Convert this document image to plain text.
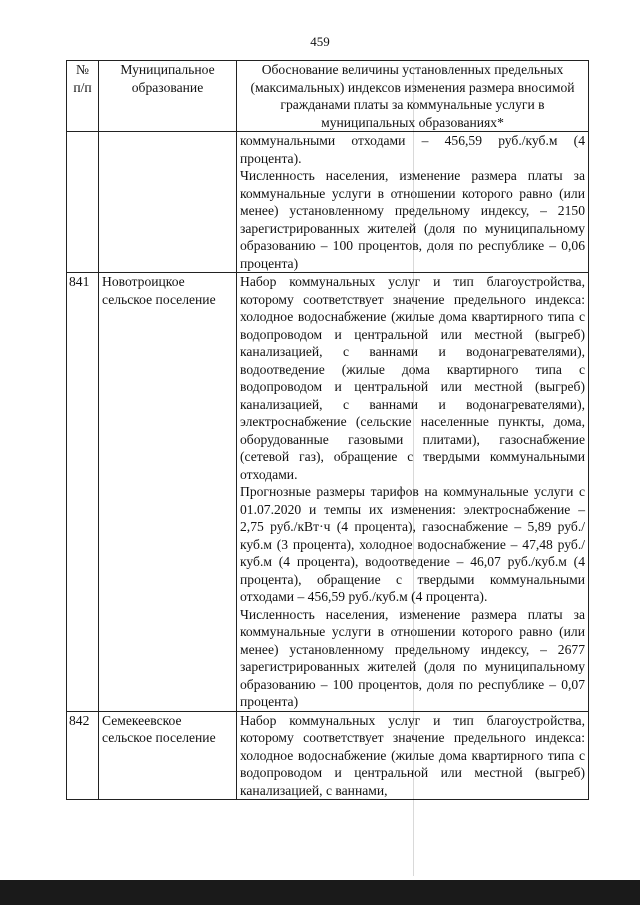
459
№ п/п	Муниципальное образование	Обоснование величины установленных предельных (максимальных) индексов изменения размера вносимой гражданами платы за коммунальные услуги в муниципальных образованиях*

		коммунальными отходами – 456,59 руб./куб.м (4 процента).

Численность населения, изменение размера платы за коммунальные услуги в отношении которого равно (или менее) установленному предельному индексу, – 2150 зарегистрированных жителей (доля по муниципальному образованию – 100 процентов, доля по республике – 0,06 процента)

841	Новотроицкое сельское поселение	Набор коммунальных услуг и тип благоустройства, которому соответствует значение предельного индекса: холодное водоснабжение (жилые дома квартирного типа с водопроводом и центральной или местной (выгреб) канализацией, с ваннами и водонагревателями), водоотведение (жилые дома квартирного типа с водопроводом и центральной или местной (выгреб) канализацией, с ваннами и водонагревателями), электроснабжение (сельские населенные пункты, дома, оборудованные газовыми плитами), газоснабжение (сетевой газ), обращение с твердыми коммунальными отходами.

Прогнозные размеры тарифов на коммунальные услуги с 01.07.2020 и темпы их изменения: электроснабжение – 2,75 руб./кВт·ч (4 процента), газоснабжение – 5,89 руб./куб.м (3 процента), холодное водоснабжение – 47,48 руб./куб.м (4 процента), водоотведение – 46,07 руб./куб.м (4 процента), обращение с твердыми коммунальными отходами – 456,59 руб./куб.м (4 процента).

Численность населения, изменение размера платы за коммунальные услуги в отношении которого равно (или менее) установленному предельному индексу, – 2677 зарегистрированных жителей (доля по муниципальному образованию – 100 процентов, доля по республике – 0,07 процента)

842	Семекеевское сельское поселение	Набор коммунальных услуг и тип благоустройства, которому соответствует значение предельного индекса: холодное водоснабжение (жилые дома квартирного типа с водопроводом и центральной или местной (выгреб) канализацией, с ваннами,
